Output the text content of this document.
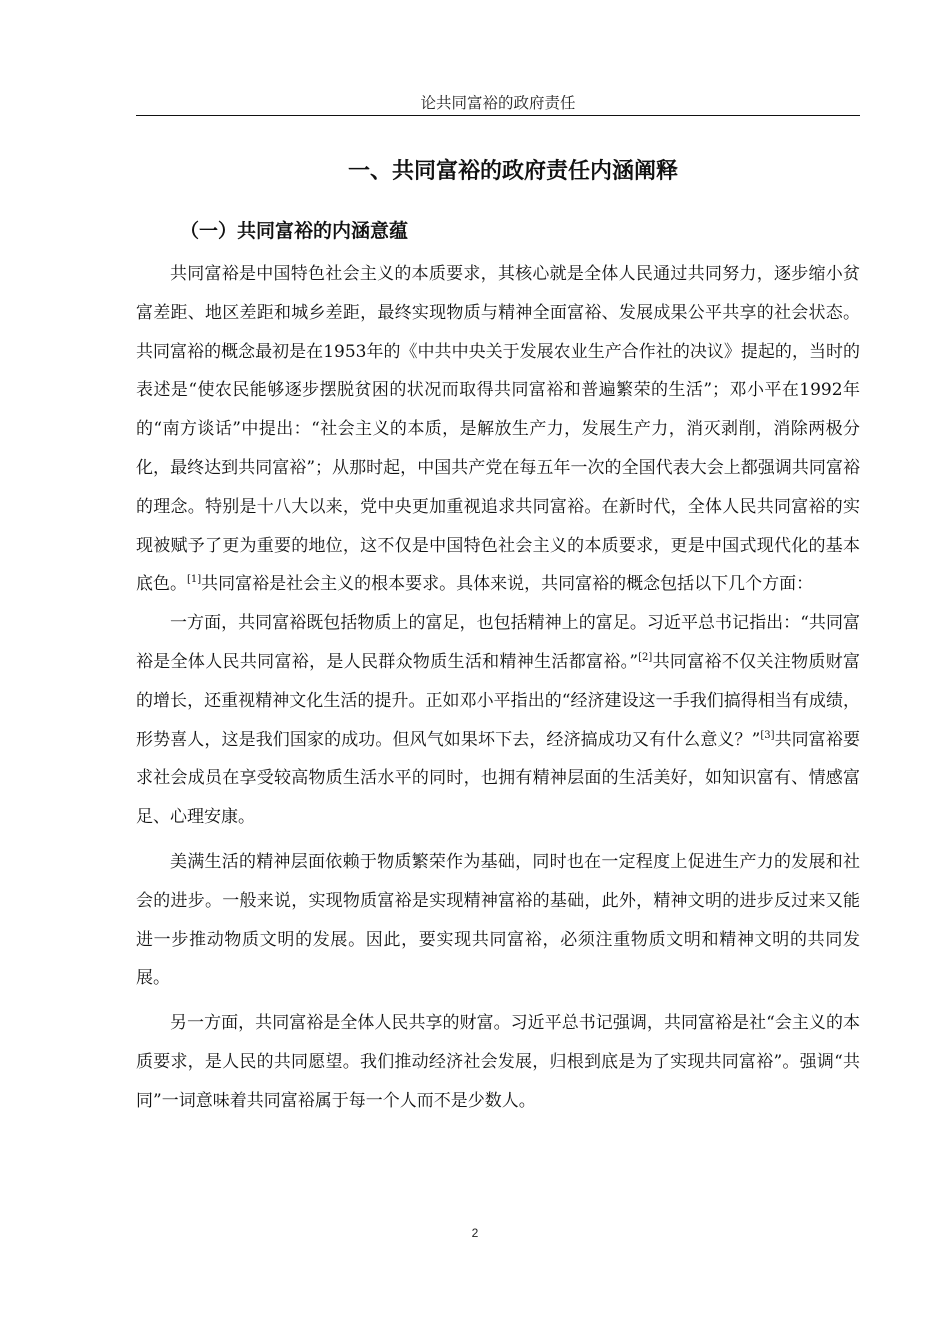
论共同富裕的政府责任
一、共同富裕的政府责任内涵阐释
（一）共同富裕的内涵意蕴

共同富裕是中国特色社会主义的本质要求，其核心就是全体人民通过共同努力，逐步缩小贫富差距、地区差距和城乡差距，最终实现物质与精神全面富裕、发展成果公平共享的社会状态。共同富裕的概念最初是在1953年的《中共中央关于发展农业生产合作社的决议》提起的，当时的表述是“使农民能够逐步摆脱贫困的状况而取得共同富裕和普遍繁荣的生活”；邓小平在1992年的“南方谈话”中提出：“社会主义的本质，是解放生产力，发展生产力，消灭剥削，消除两极分化，最终达到共同富裕”；从那时起，中国共产党在每五年一次的全国代表大会上都强调共同富裕的理念。特别是十八大以来，党中央更加重视追求共同富裕。在新时代，全体人民共同富裕的实现被赋予了更为重要的地位，这不仅是中国特色社会主义的本质要求，更是中国式现代化的基本底色。[1]共同富裕是社会主义的根本要求。具体来说，共同富裕的概念包括以下几个方面：

一方面，共同富裕既包括物质上的富足，也包括精神上的富足。习近平总书记指出：“共同富裕是全体人民共同富裕，是人民群众物质生活和精神生活都富裕。”[2]共同富裕不仅关注物质财富的增长，还重视精神文化生活的提升。正如邓小平指出的“经济建设这一手我们搞得相当有成绩，形势喜人，这是我们国家的成功。但风气如果坏下去，经济搞成功又有什么意义？”[3]共同富裕要求社会成员在享受较高物质生活水平的同时，也拥有精神层面的生活美好，如知识富有、情感富足、心理安康。

美满生活的精神层面依赖于物质繁荣作为基础，同时也在一定程度上促进生产力的发展和社会的进步。一般来说，实现物质富裕是实现精神富裕的基础，此外，精神文明的进步反过来又能进一步推动物质文明的发展。因此，要实现共同富裕，必须注重物质文明和精神文明的共同发展。

另一方面，共同富裕是全体人民共享的财富。习近平总书记强调，共同富裕是社“会主义的本质要求，是人民的共同愿望。我们推动经济社会发展，归根到底是为了实现共同富裕”。强调“共同”一词意味着共同富裕属于每一个人而不是少数人。

2
